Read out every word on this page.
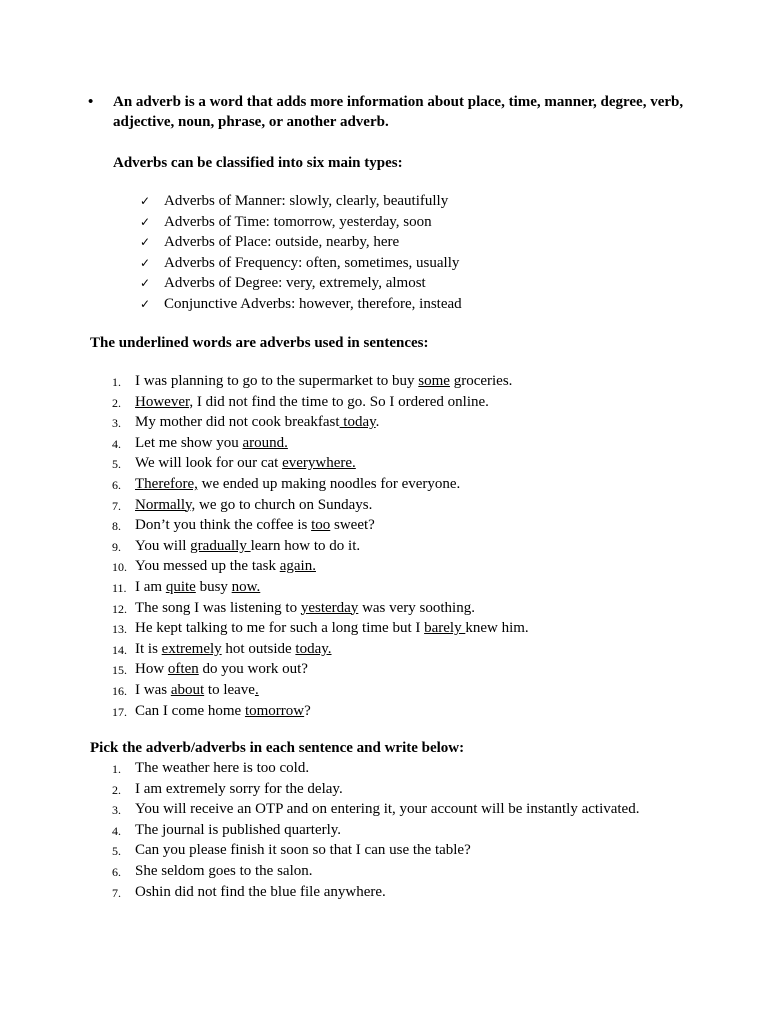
• An adverb is a word that adds more information about place, time, manner, degree, verb, adjective, noun, phrase, or another adverb.
Adverbs can be classified into six main types:
✓ Adverbs of Manner: slowly, clearly, beautifully
✓ Adverbs of Time: tomorrow, yesterday, soon
✓ Adverbs of Place: outside, nearby, here
✓ Adverbs of Frequency: often, sometimes, usually
✓ Adverbs of Degree: very, extremely, almost
✓ Conjunctive Adverbs: however, therefore, instead
The underlined words are adverbs used in sentences:
1. I was planning to go to the supermarket to buy some groceries.
2. However, I did not find the time to go. So I ordered online.
3. My mother did not cook breakfast today.
4. Let me show you around.
5. We will look for our cat everywhere.
6. Therefore, we ended up making noodles for everyone.
7. Normally, we go to church on Sundays.
8. Don’t you think the coffee is too sweet?
9. You will gradually learn how to do it.
10. You messed up the task again.
11. I am quite busy now.
12. The song I was listening to yesterday was very soothing.
13. He kept talking to me for such a long time but I barely knew him.
14. It is extremely hot outside today.
15. How often do you work out?
16. I was about to leave.
17. Can I come home tomorrow?
Pick the adverb/adverbs in each sentence and write below:
1. The weather here is too cold.
2. I am extremely sorry for the delay.
3. You will receive an OTP and on entering it, your account will be instantly activated.
4. The journal is published quarterly.
5. Can you please finish it soon so that I can use the table?
6. She seldom goes to the salon.
7. Oshin did not find the blue file anywhere.
